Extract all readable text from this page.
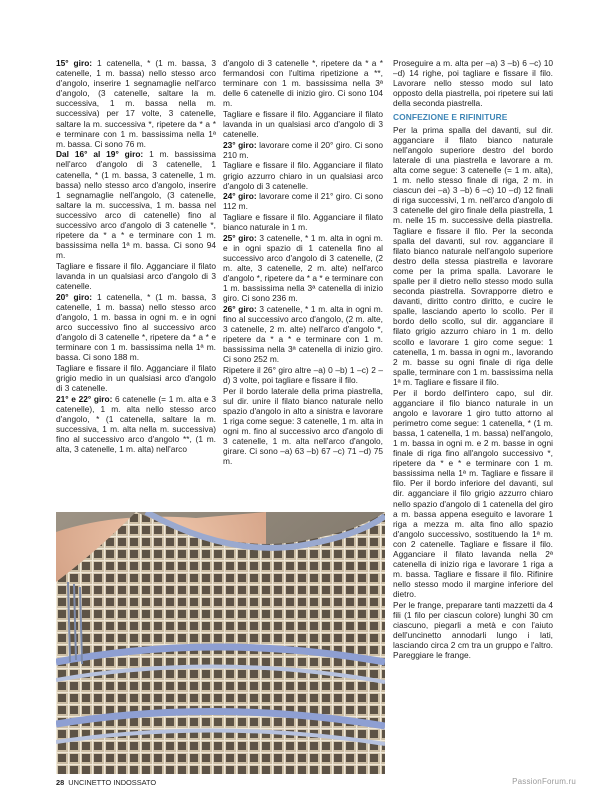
15° giro: 1 catenella, * (1 m. bassa, 3 catenelle, 1 m. bassa) nello stesso arco d'angolo, inserire 1 segnamaglie nell'arco d'angolo, (3 catenelle, saltare la m. successiva, 1 m. bassa nella m. successiva) per 17 volte, 3 catenelle, saltare la m. successiva *, ripetere da * a * e terminare con 1 m. bassissima nella 1ª m. bassa. Ci sono 76 m.

Dal 16° al 19° giro: 1 m. bassissima nell'arco d'angolo di 3 catenelle, 1 catenella, * (1 m. bassa, 3 catenelle, 1 m. bassa) nello stesso arco d'angolo, inserire 1 segnamaglie nell'angolo, (3 catenelle, saltare la m. successiva, 1 m. bassa nel successivo arco di catenelle) fino al successivo arco d'angolo di 3 catenelle *, ripetere da * a * e terminare con 1 m. bassissima nella 1ª m. bassa. Ci sono 94 m.

Tagliare e fissare il filo. Agganciare il filato lavanda in un qualsiasi arco d'angolo di 3 catenelle.

20° giro: 1 catenella, * (1 m. bassa, 3 catenelle, 1 m. bassa) nello stesso arco d'angolo, 1 m. bassa in ogni m. e in ogni arco successivo fino al successivo arco d'angolo di 3 catenelle *, ripetere da * a * e terminare con 1 m. bassissima nella 1ª m. bassa. Ci sono 188 m.

Tagliare e fissare il filo. Agganciare il filato grigio medio in un qualsiasi arco d'angolo di 3 catenelle.

21° e 22° giro: 6 catenelle (= 1 m. alta e 3 catenelle), 1 m. alta nello stesso arco d'angolo, * (1 catenella, saltare la m. successiva, 1 m. alta nella m. successiva) fino al successivo arco d'angolo **, (1 m. alta, 3 catenelle, 1 m. alta) nell'arco

d'angolo di 3 catenelle *, ripetere da * a * fermandosi con l'ultima ripetizione a **, terminare con 1 m. bassissima nella 3ª delle 6 catenelle di inizio giro. Ci sono 104 m.

Tagliare e fissare il filo. Agganciare il filato lavanda in un qualsiasi arco d'angolo di 3 catenelle.

23° giro: lavorare come il 20° giro. Ci sono 210 m.

Tagliare e fissare il filo. Agganciare il filato grigio azzurro chiaro in un qualsiasi arco d'angolo di 3 catenelle.

24° giro: lavorare come il 21° giro. Ci sono 112 m.

Tagliare e fissare il filo. Agganciare il filato bianco naturale in 1 m.

25° giro: 3 catenelle, * 1 m. alta in ogni m. e in ogni spazio di 1 catenella fino al successivo arco d'angolo di 3 catenelle, (2 m. alte, 3 catenelle, 2 m. alte) nell'arco d'angolo *, ripetere da * a * e terminare con 1 m. bassissima nella 3ª catenella di inizio giro. Ci sono 236 m.

26° giro: 3 catenelle, * 1 m. alta in ogni m. fino al successivo arco d'angolo, (2 m. alte, 3 catenelle, 2 m. alte) nell'arco d'angolo *, ripetere da * a * e terminare con 1 m. bassissima nella 3ª catenella di inizio giro. Ci sono 252 m.

Ripetere il 26° giro altre –a) 0 –b) 1 –c) 2 –d) 3 volte, poi tagliare e fissare il filo.

Per il bordo laterale della prima piastrella, sul dir. unire il filato bianco naturale nello spazio d'angolo in alto a sinistra e lavorare 1 riga come segue: 3 catenelle, 1 m. alta in ogni m. fino al successivo arco d'angolo di 3 catenelle, 1 m. alta nell'arco d'angolo, girare. Ci sono –a) 63 –b) 67 –c) 71 –d) 75 m.

Proseguire a m. alta per –a) 3 –b) 6 –c) 10 –d) 14 righe, poi tagliare e fissare il filo. Lavorare nello stesso modo sul lato opposto della piastrella, poi ripetere sui lati della seconda piastrella.

CONFEZIONE E RIFINITURE

Per la prima spalla del davanti, sul dir. agganciare il filato bianco naturale nell'angolo superiore destro del bordo laterale di una piastrella e lavorare a m. alta come segue: 3 catenelle (= 1 m. alta), 1 m. nello stesso finale di riga, 2 m. in ciascun dei –a) 3 –b) 6 –c) 10 –d) 12 finali di riga successivi, 1 m. nell'arco d'angolo di 3 catenelle del giro finale della piastrella, 1 m. nelle 15 m. successive della piastrella. Tagliare e fissare il filo. Per la seconda spalla del davanti, sul rov. agganciare il filato bianco naturale nell'angolo superiore destro della stessa piastrella e lavorare come per la prima spalla. Lavorare le spalle per il dietro nello stesso modo sulla seconda piastrella. Sovrapporre dietro e davanti, diritto contro diritto, e cucire le spalle, lasciando aperto lo scollo. Per il bordo dello scollo, sul dir. agganciare il filato grigio azzurro chiaro in 1 m. dello scollo e lavorare 1 giro come segue: 1 catenella, 1 m. bassa in ogni m., lavorando 2 m. basse su ogni finale di riga delle spalle, terminare con 1 m. bassissima nella 1ª m. Tagliare e fissare il filo.

Per il bordo dell'intero capo, sul dir. agganciare il filo bianco naturale in un angolo e lavorare 1 giro tutto attorno al perimetro come segue: 1 catenella, * (1 m. bassa, 1 catenella, 1 m. bassa) nell'angolo, 1 m. bassa in ogni m. e 2 m. basse in ogni finale di riga fino all'angolo successivo *, ripetere da * e * e terminare con 1 m. bassissima nella 1ª m. Tagliare e fissare il filo. Per il bordo inferiore del davanti, sul dir. agganciare il filo grigio azzurro chiaro nello spazio d'angolo di 1 catenella del giro a m. bassa appena eseguito e lavorare 1 riga a mezza m. alta fino allo spazio d'angolo successivo, sostituendo la 1ª m. con 2 catenelle. Tagliare e fissare il filo. Agganciare il filato lavanda nella 2ª catenella di inizio riga e lavorare 1 riga a m. bassa. Tagliare e fissare il filo. Rifinire nello stesso modo il margine inferiore del dietro.

Per le frange, preparare tanti mazzetti da 4 fili (1 filo per ciascun colore) lunghi 30 cm ciascuno, piegarli a metà e con l'aiuto dell'uncinetto annodarli lungo i lati, lasciando circa 2 cm tra un gruppo e l'altro. Pareggiare le frange.

28 UNCINETTO INDOSSATO	PassionForum.ru
